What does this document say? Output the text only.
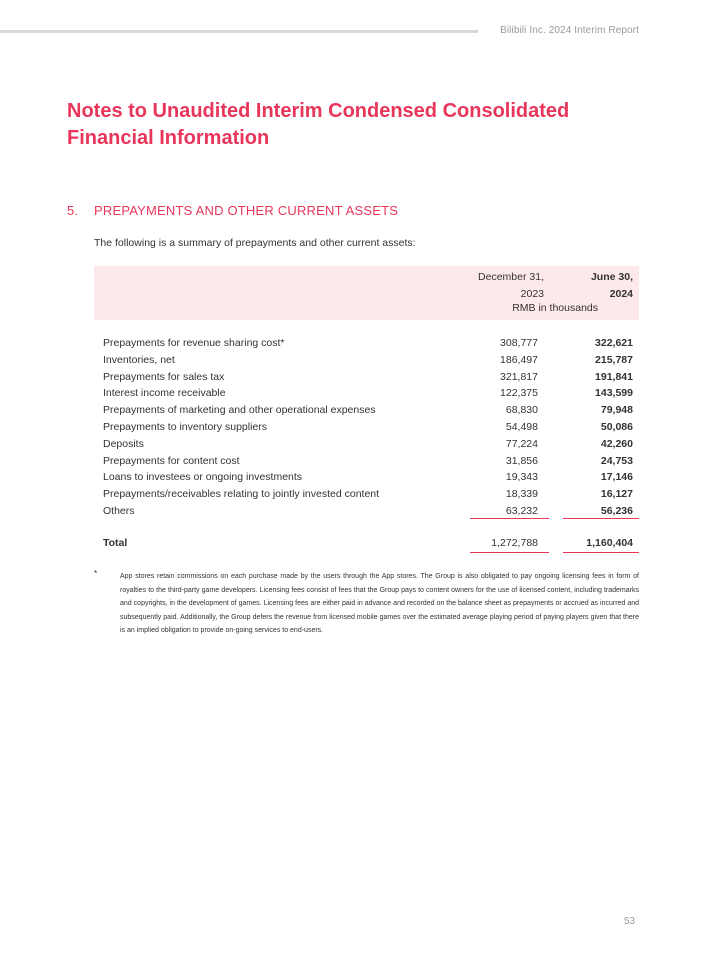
Bilibili Inc. 2024 Interim Report
Notes to Unaudited Interim Condensed Consolidated Financial Information
5. PREPAYMENTS AND OTHER CURRENT ASSETS
The following is a summary of prepayments and other current assets:
December 31,
2023
June 30,
2024
RMB in thousands
Prepayments for revenue sharing cost*	308,777	322,621
Inventories, net	186,497	215,787
Prepayments for sales tax	321,817	191,841
Interest income receivable	122,375	143,599
Prepayments of marketing and other operational expenses	68,830	79,948
Prepayments to inventory suppliers	54,498	50,086
Deposits	77,224	42,260
Prepayments for content cost	31,856	24,753
Loans to investees or ongoing investments	19,343	17,146
Prepayments/receivables relating to jointly invested content	18,339	16,127
Others	63,232	56,236
Total	1,272,788	1,160,404
*	App stores retain commissions on each purchase made by the users through the App stores. The Group is also obligated to pay ongoing licensing fees in form of royalties to the third-party game developers. Licensing fees consist of fees that the Group pays to content owners for the use of licensed content, including trademarks and copyrights, in the development of games. Licensing fees are either paid in advance and recorded on the balance sheet as prepayments or accrued as incurred and subsequently paid. Additionally, the Group defers the revenue from licensed mobile games over the estimated average playing period of paying players given that there is an implied obligation to provide on-going services to end-users.

53
